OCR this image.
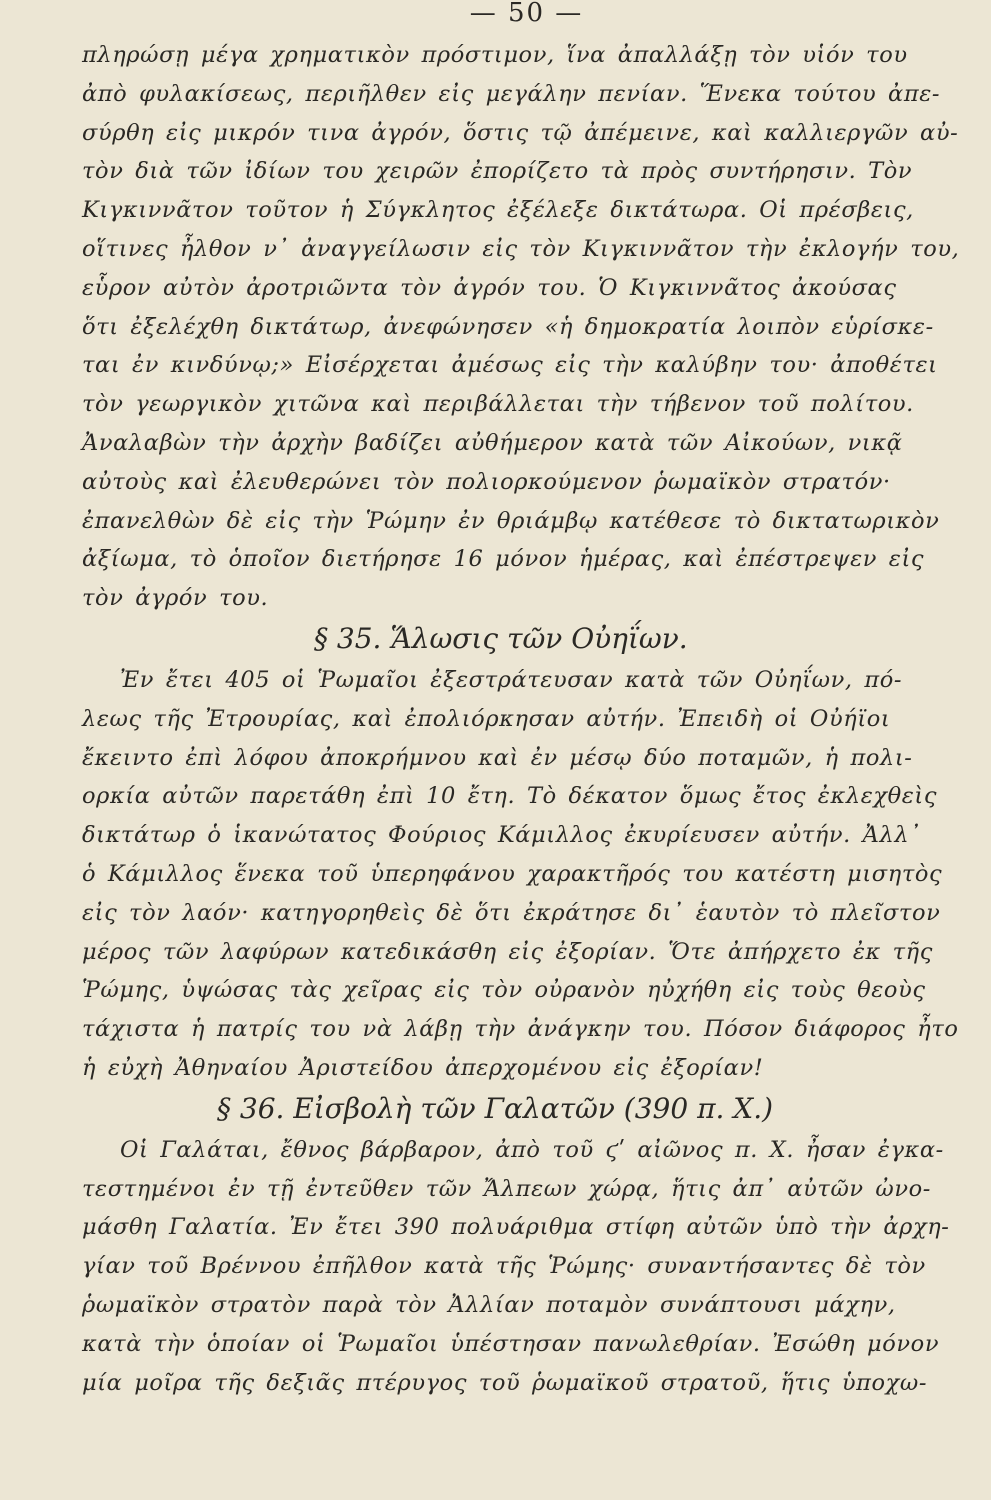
— 50 —

πληρώσῃ μέγα χρηματικὸν πρόστιμον, ἵνα ἀπαλλάξῃ τὸν υἱόν του
ἀπὸ φυλακίσεως, περιῆλθεν εἰς μεγάλην πενίαν. Ἕνεκα τούτου ἀπε-
σύρθη εἰς μικρόν τινα ἀγρόν, ὅστις τῷ ἀπέμεινε, καὶ καλλιεργῶν αὐ-
τὸν διὰ τῶν ἰδίων του χειρῶν ἐπορίζετο τὰ πρὸς συντήρησιν. Τὸν
Κιγκιννᾶτον τοῦτον ἡ Σύγκλητος ἐξέλεξε δικτάτωρα. Οἱ πρέσβεις,
οἵτινες ἦλθον ν᾽ ἀναγγείλωσιν εἰς τὸν Κιγκιννᾶτον τὴν ἐκλογήν του,
εὗρον αὐτὸν ἀροτριῶντα τὸν ἀγρόν του. Ὁ Κιγκιννᾶτος ἀκούσας
ὅτι ἐξελέχθη δικτάτωρ, ἀνεφώνησεν «ἡ δημοκρατία λοιπὸν εὑρίσκε-
ται ἐν κινδύνῳ;» Εἰσέρχεται ἀμέσως εἰς τὴν καλύβην του· ἀποθέτει
τὸν γεωργικὸν χιτῶνα καὶ περιβάλλεται τὴν τήβενον τοῦ πολίτου.
Ἀναλαβὼν τὴν ἀρχὴν βαδίζει αὐθήμερον κατὰ τῶν Αἰκούων, νικᾷ
αὐτοὺς καὶ ἐλευθερώνει τὸν πολιορκούμενον ῥωμαϊκὸν στρατόν·
ἐπανελθὼν δὲ εἰς τὴν Ῥώμην ἐν θριάμβῳ κατέθεσε τὸ δικτατωρικὸν
ἀξίωμα, τὸ ὁποῖον διετήρησε 16 μόνον ἡμέρας, καὶ ἐπέστρεψεν εἰς
τὸν ἀγρόν του.

§ 35. Ἅλωσις τῶν Οὐηΐων.

Ἐν ἔτει 405 οἱ Ῥωμαῖοι ἐξεστράτευσαν κατὰ τῶν Οὐηΐων, πό-
λεως τῆς Ἐτρουρίας, καὶ ἐπολιόρκησαν αὐτήν. Ἐπειδὴ οἱ Οὐήϊοι
ἔκειντο ἐπὶ λόφου ἀποκρήμνου καὶ ἐν μέσῳ δύο ποταμῶν, ἡ πολι-
ορκία αὐτῶν παρετάθη ἐπὶ 10 ἔτη. Τὸ δέκατον ὅμως ἔτος ἐκλεχθεὶς
δικτάτωρ ὁ ἱκανώτατος Φούριος Κάμιλλος ἐκυρίευσεν αὐτήν. Ἀλλ᾽
ὁ Κάμιλλος ἕνεκα τοῦ ὑπερηφάνου χαρακτῆρός του κατέστη μισητὸς
εἰς τὸν λαόν· κατηγορηθεὶς δὲ ὅτι ἐκράτησε δι᾽ ἑαυτὸν τὸ πλεῖστον
μέρος τῶν λαφύρων κατεδικάσθη εἰς ἐξορίαν. Ὅτε ἀπήρχετο ἐκ τῆς
Ῥώμης, ὑψώσας τὰς χεῖρας εἰς τὸν οὐρανὸν ηὐχήθη εἰς τοὺς θεοὺς
τάχιστα ἡ πατρίς του νὰ λάβῃ τὴν ἀνάγκην του. Πόσον διάφορος ἦτο
ἡ εὐχὴ Ἀθηναίου Ἀριστείδου ἀπερχομένου εἰς ἐξορίαν!

§ 36. Εἰσβολὴ τῶν Γαλατῶν (390 π. Χ.)

Οἱ Γαλάται, ἔθνος βάρβαρον, ἀπὸ τοῦ ϛʹ αἰῶνος π. Χ. ἦσαν ἐγκα-
τεστημένοι ἐν τῇ ἐντεῦθεν τῶν Ἄλπεων χώρᾳ, ἥτις ἀπ᾽ αὐτῶν ὠνο-
μάσθη Γαλατία. Ἐν ἔτει 390 πολυάριθμα στίφη αὐτῶν ὑπὸ τὴν ἀρχη-
γίαν τοῦ Βρέννου ἐπῆλθον κατὰ τῆς Ῥώμης· συναντήσαντες δὲ τὸν
ῥωμαϊκὸν στρατὸν παρὰ τὸν Ἀλλίαν ποταμὸν συνάπτουσι μάχην,
κατὰ τὴν ὁποίαν οἱ Ῥωμαῖοι ὑπέστησαν πανωλεθρίαν. Ἐσώθη μόνον
μία μοῖρα τῆς δεξιᾶς πτέρυγος τοῦ ῥωμαϊκοῦ στρατοῦ, ἥτις ὑποχω-
